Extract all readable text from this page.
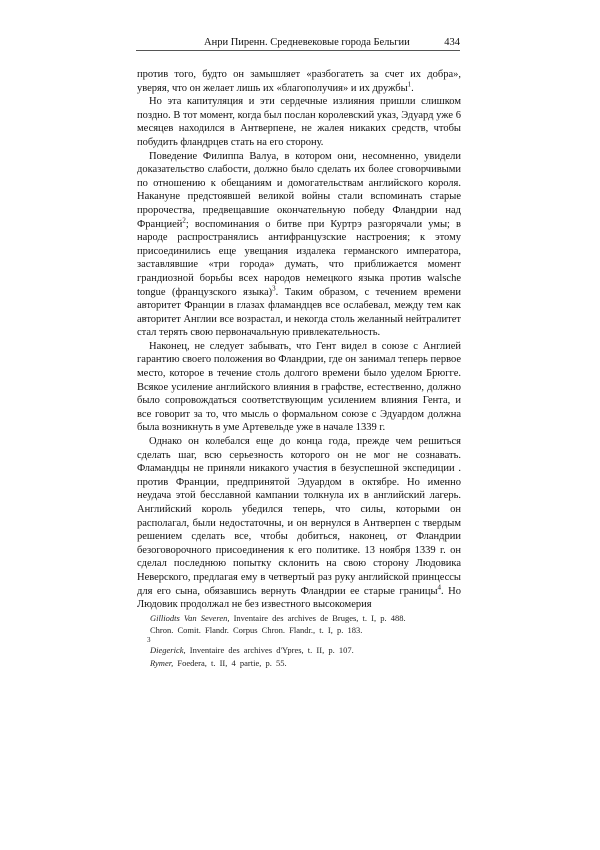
Анри Пиренн. Средневековые города Бельгии	434

против того, будто он замышляет «разбогатеть за счет их добра», уверяя, что он желает лишь их «благополучия» и их дружбы$^1$.

Но эта капитуляция и эти сердечные излияния пришли слишком поздно. В тот момент, когда был послан королевский указ, Эдуард уже 6 месяцев находился в Антверпене, не жалея никаких средств, чтобы побудить фландрцев стать на его сторону.

Поведение Филиппа Валуа, в котором они, несомненно, увидели доказательство слабости, должно было сделать их более сговорчивыми по отношению к обещаниям и домогательствам английского короля. Накануне предстоявшей великой войны стали вспоминать старые пророчества, предвещавшие окончательную победу Фландрии над Францией$^2$; воспоминания о битве при Куртрэ разгорячали умы; в народе распространялись антифранцузские настроения; к этому присоединились еще увещания издалека германского императора, заставлявшие «три города» думать, что приближается момент грандиозной борьбы всех народов немецкого языка против walsche tongue (французского языка)$^3$. Таким образом, с течением времени авторитет Франции в глазах фламандцев все ослабевал, между тем как авторитет Англии все возрастал, и некогда столь желанный нейтралитет стал терять свою первоначальную привлекательность.

Наконец, не следует забывать, что Гент видел в союзе с Англией гарантию своего положения во Фландрии, где он занимал теперь первое место, которое в течение столь долгого времени было уделом Брюгге. Всякое усиление английского влияния в графстве, естественно, должно было сопровождаться соответствующим усилением влияния Гента, и все говорит за то, что мысль о формальном союзе с Эдуардом должна была возникнуть в уме Артевельде уже в начале 1339 г.

Однако он колебался еще до конца года, прежде чем решиться сделать шаг, всю серьезность которого он не мог не сознавать. Фламандцы не приняли никакого участия в безуспешной экспедиции . против Франции, предпринятой Эдуардом в октябре. Но именно неудача этой бесславной кампании толкнула их в английский лагерь. Английский король убедился теперь, что силы, которыми он располагал, были недостаточны, и он вернулся в Антверпен с твердым решением сделать все, чтобы добиться, наконец, от Фландрии безоговорочного присоединения к его политике. 13 ноября 1339 г. он сделал последнюю попытку склонить на свою сторону Людовика Неверского, предлагая ему в четвертый раз руку английской принцессы для его сына, обязавшись вернуть Фландрии ее старые границы$^4$. Но Людовик продолжал не без известного высокомерия

Gilliodts Van Severen, Inventaire des archives de Bruges, t. I, p. 488.
Chron. Comit. Flandr. Corpus Chron. Flandr., t. I, p. 183.
3
Diegerick, Inventaire des archives d'Ypres, t. II, p. 107.
Rymer, Foedera, t. II, 4 partie, p. 55.
